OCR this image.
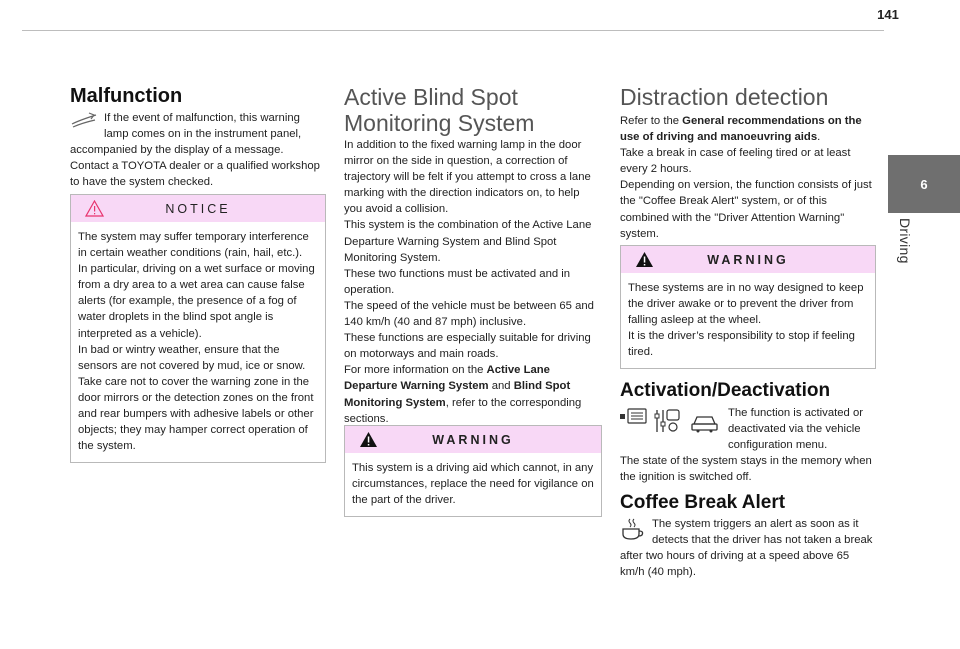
141
6
Driving
Malfunction

If the event of malfunction, this warning lamp comes on in the instrument panel, accompanied by the display of a message.

Contact a TOYOTA dealer or a qualified workshop to have the system checked.

NOTICE

The system may suffer temporary interference in certain weather conditions (rain, hail, etc.).

In particular, driving on a wet surface or moving from a dry area to a wet area can cause false alerts (for example, the presence of a fog of water droplets in the blind spot angle is interpreted as a vehicle).

In bad or wintry weather, ensure that the sensors are not covered by mud, ice or snow.

Take care not to cover the warning zone in the door mirrors or the detection zones on the front and rear bumpers with adhesive labels or other objects; they may hamper correct operation of the system.

Active Blind Spot
Monitoring System

In addition to the fixed warning lamp in the door mirror on the side in question, a correction of trajectory will be felt if you attempt to cross a lane marking with the direction indicators on, to help you avoid a collision.

This system is the combination of the Active Lane Departure Warning System and Blind Spot Monitoring System.

These two functions must be activated and in operation.

The speed of the vehicle must be between 65 and 140 km/h (40 and 87 mph) inclusive.

These functions are especially suitable for driving on motorways and main roads.

For more information on the Active Lane Departure Warning System and Blind Spot Monitoring System, refer to the corresponding sections.

WARNING

This system is a driving aid which cannot, in any circumstances, replace the need for vigilance on the part of the driver.

Distraction detection

Refer to the General recommendations on the use of driving and manoeuvring aids.

Take a break in case of feeling tired or at least every 2 hours.

Depending on version, the function consists of just the "Coffee Break Alert" system, or of this combined with the "Driver Attention Warning" system.

WARNING

These systems are in no way designed to keep the driver awake or to prevent the driver from falling asleep at the wheel.

It is the driver’s responsibility to stop if feeling tired.

Activation/Deactivation

The function is activated or deactivated via the vehicle configuration menu.

The state of the system stays in the memory when the ignition is switched off.

Coffee Break Alert

The system triggers an alert as soon as it detects that the driver has not taken a break after two hours of driving at a speed above 65 km/h (40 mph).
